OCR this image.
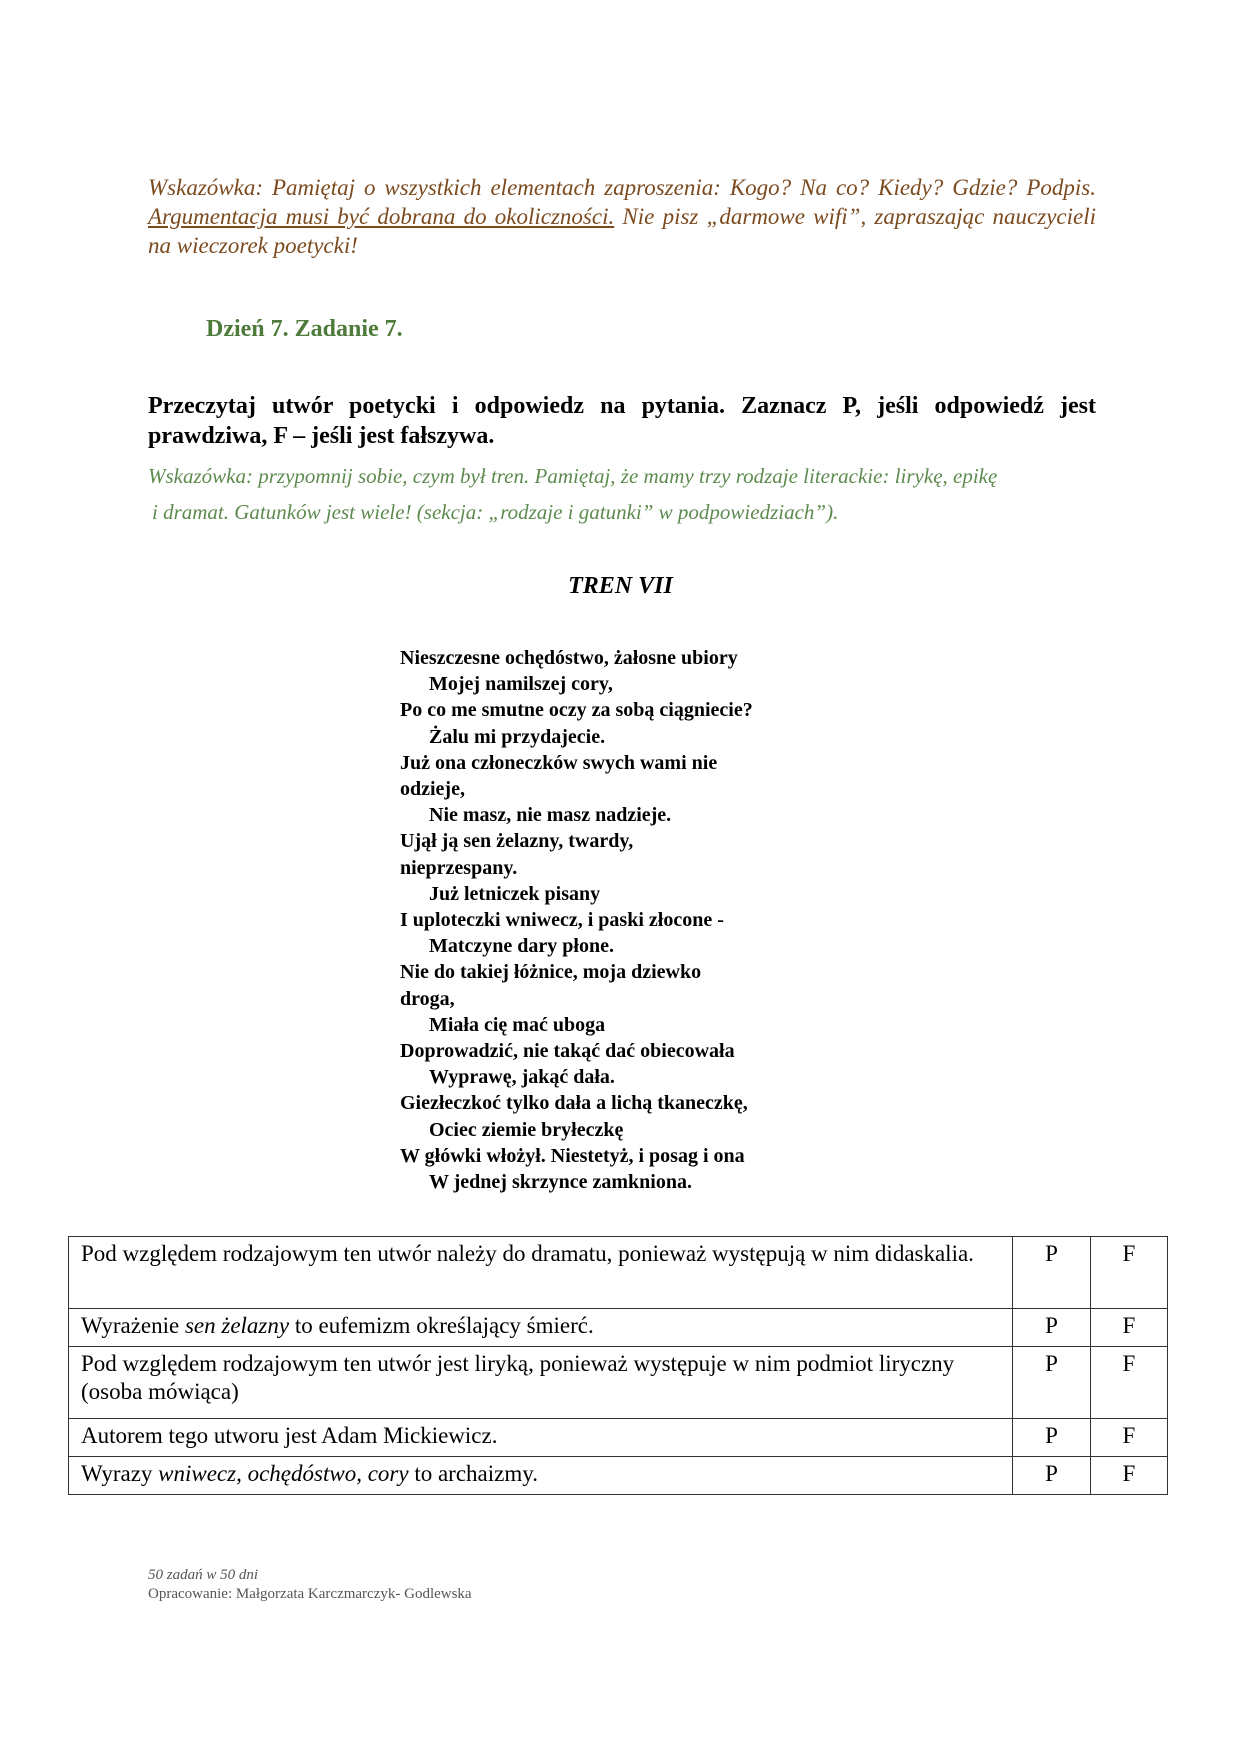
Wskazówka: Pamiętaj o wszystkich elementach zaproszenia: Kogo? Na co? Kiedy? Gdzie? Podpis. Argumentacja musi być dobrana do okoliczności. Nie pisz „darmowe wifi”, zapraszając nauczycieli na wieczorek poetycki!
Dzień 7. Zadanie 7.
Przeczytaj utwór poetycki i odpowiedz na pytania. Zaznacz P, jeśli odpowiedź jest prawdziwa, F – jeśli jest fałszywa.
Wskazówka: przypomnij sobie, czym był tren. Pamiętaj, że mamy trzy rodzaje literackie: lirykę, epikę
i dramat. Gatunków jest wiele! (sekcja: „rodzaje i gatunki” w podpowiedziach”).
TREN VII
Nieszczesne ochędóstwo, żałosne ubiory
Mojej namilszej cory,
Po co me smutne oczy za sobą ciągniecie?
Żalu mi przydajecie.
Już ona członeczków swych wami nie
odzieje,
Nie masz, nie masz nadzieje.
Ujął ją sen żelazny, twardy,
nieprzespany.
Już letniczek pisany
I uploteczki wniwecz, i paski złocone -
Matczyne dary płone.
Nie do takiej łóżnice, moja dziewko
droga,
Miała cię mać uboga
Doprowadzić, nie takąć dać obiecowała
Wyprawę, jakąć dała.
Giezłeczkoć tylko dała a lichą tkaneczkę,
Ociec ziemie bryłeczkę
W główki włożył. Niestetyż, i posag i ona
W jednej skrzynce zamkniona.
Pod względem rodzajowym ten utwór należy do dramatu, ponieważ występują w nim didaskalia.	P	F
Wyrażenie sen żelazny to eufemizm określający śmierć.	P	F
Pod względem rodzajowym ten utwór jest liryką, ponieważ występuje w nim podmiot liryczny (osoba mówiąca)	P	F
Autorem tego utworu jest Adam Mickiewicz.	P	F
Wyrazy wniwecz, ochędóstwo, cory to archaizmy.	P	F
50 zadań w 50 dni
Opracowanie: Małgorzata Karczmarczyk- Godlewska
